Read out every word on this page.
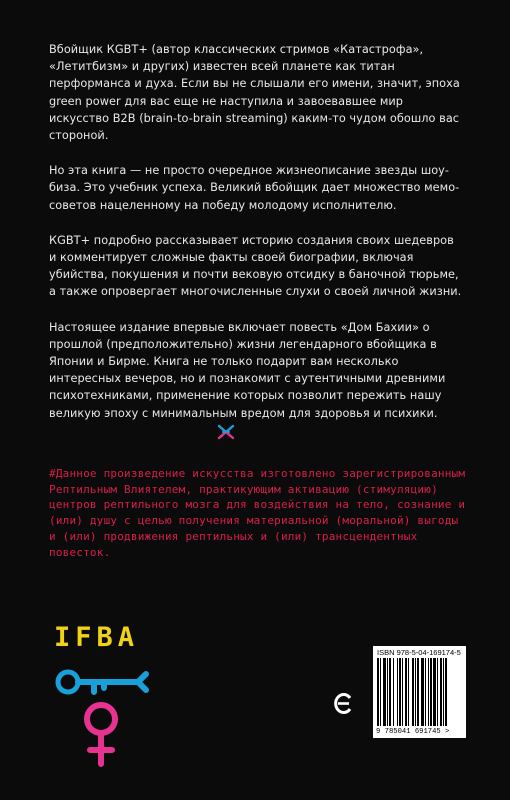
Вбойщик КGBT+ (автор классических стримов «Катастрофа», «Летитбизм» и других) известен всей планете как титан перформанса и духа. Если вы не слышали его имени, значит, эпоха green power для вас еще не наступила и завоевавшее мир искусство B2B (brain-to-brain streaming) каким-то чудом обошло вас стороной.

Но эта книга — не просто очередное жизнеописание звезды шоу-биза. Это учебник успеха. Великий вбойщик дает множество мемо-советов нацеленному на победу молодому исполнителю.

КGBT+ подробно рассказывает историю создания своих шедевров и комментирует сложные факты своей биографии, включая убийства, покушения и почти вековую отсидку в баночной тюрьме, а также опровергает многочисленные слухи о своей личной жизни.

Настоящее издание впервые включает повесть «Дом Бахии» о прошлой (предположительно) жизни легендарного вбойщика в Японии и Бирме. Книга не только подарит вам несколько интересных вечеров, но и познакомит с аутентичными древними психотехниками, применение которых позволит пережить нашу великую эпоху с минимальным вредом для здоровья и психики.

#Данное произведение искусства изготовлено зарегистрированным Рептильным Влиятелем, практикующим активацию (стимуляцию) центров рептильного мозга для воздействия на тело, сознание и (или) душу с целью получения материальной (моральной) выгоды и (или) продвижения рептильных и (или) трансцендентных повесток.
IFBA	ISBN 978-5-04-169174-5
9 785041 691745 >
